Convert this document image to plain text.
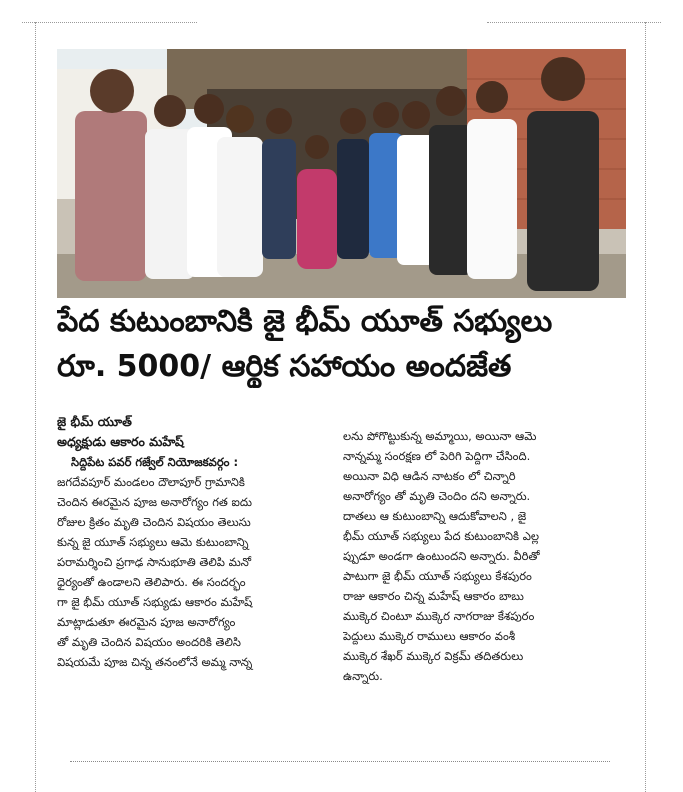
పేద కుటుంబానికి జై భీమ్ యూత్ సభ్యులు
రూ. 5000/ ఆర్థిక సహాయం అందజేత
జై భీమ్ యూత్
అధ్యక్షుడు ఆకారం మహేష్
సిద్దిపేట పవర్ గజ్వేల్ నియోజకవర్గం :
జగదేవపూర్ మండలం దౌలాపూర్ గ్రామానికి
చెందిన ఈరమైన పూజ అనారోగ్యం గత ఐదు
రోజుల క్రితం మృతి చెందిన విషయం తెలుసు
కున్న జై యూత్ సభ్యులు ఆమె కుటుంబాన్ని
పరామర్శించి ప్రగాఢ సానుభూతి తెలిపి మనో
ధైర్యంతో ఉండాలని తెలిపారు. ఈ సందర్భం
గా జై భీమ్ యూత్ సభ్యుడు ఆకారం మహేష్
మాట్లాడుతూ ఈరమైన పూజ అనారోగ్యం
తో మృతి చెందిన విషయం అందరికి తెలిసి
విషయమే పూజ చిన్న తనంలోనే అమ్మ నాన్న
లను పోగొట్టుకున్న అమ్మాయి, అయినా ఆమె
నాన్నమ్మ సంరక్షణ లో పెరిగి పెద్దిగా చేసింది.
అయినా విధి ఆడిన నాటకం లో చిన్నారి
అనారోగ్యం తో మృతి చెందిం దని అన్నారు.
దాతలు ఆ కుటుంబాన్ని ఆదుకోవాలని , జై
భీమ్ యూత్ సభ్యులు పేద కుటుంబానికి ఎల్ల
ప్పుడూ అండగా ఉంటుందని అన్నారు. వీరితో
పాటుగా జై భీమ్ యూత్ సభ్యులు కేశపురం
రాజు ఆకారం చిన్న మహేష్ ఆకారం బాబు
ముక్కెర చింటూ ముక్కెర నాగరాజు కేశపురం
పెద్దులు ముక్కెర రాములు ఆకారం వంశీ
ముక్కెర శేఖర్ ముక్కెర విక్రమ్ తదితరులు
ఉన్నారు.
